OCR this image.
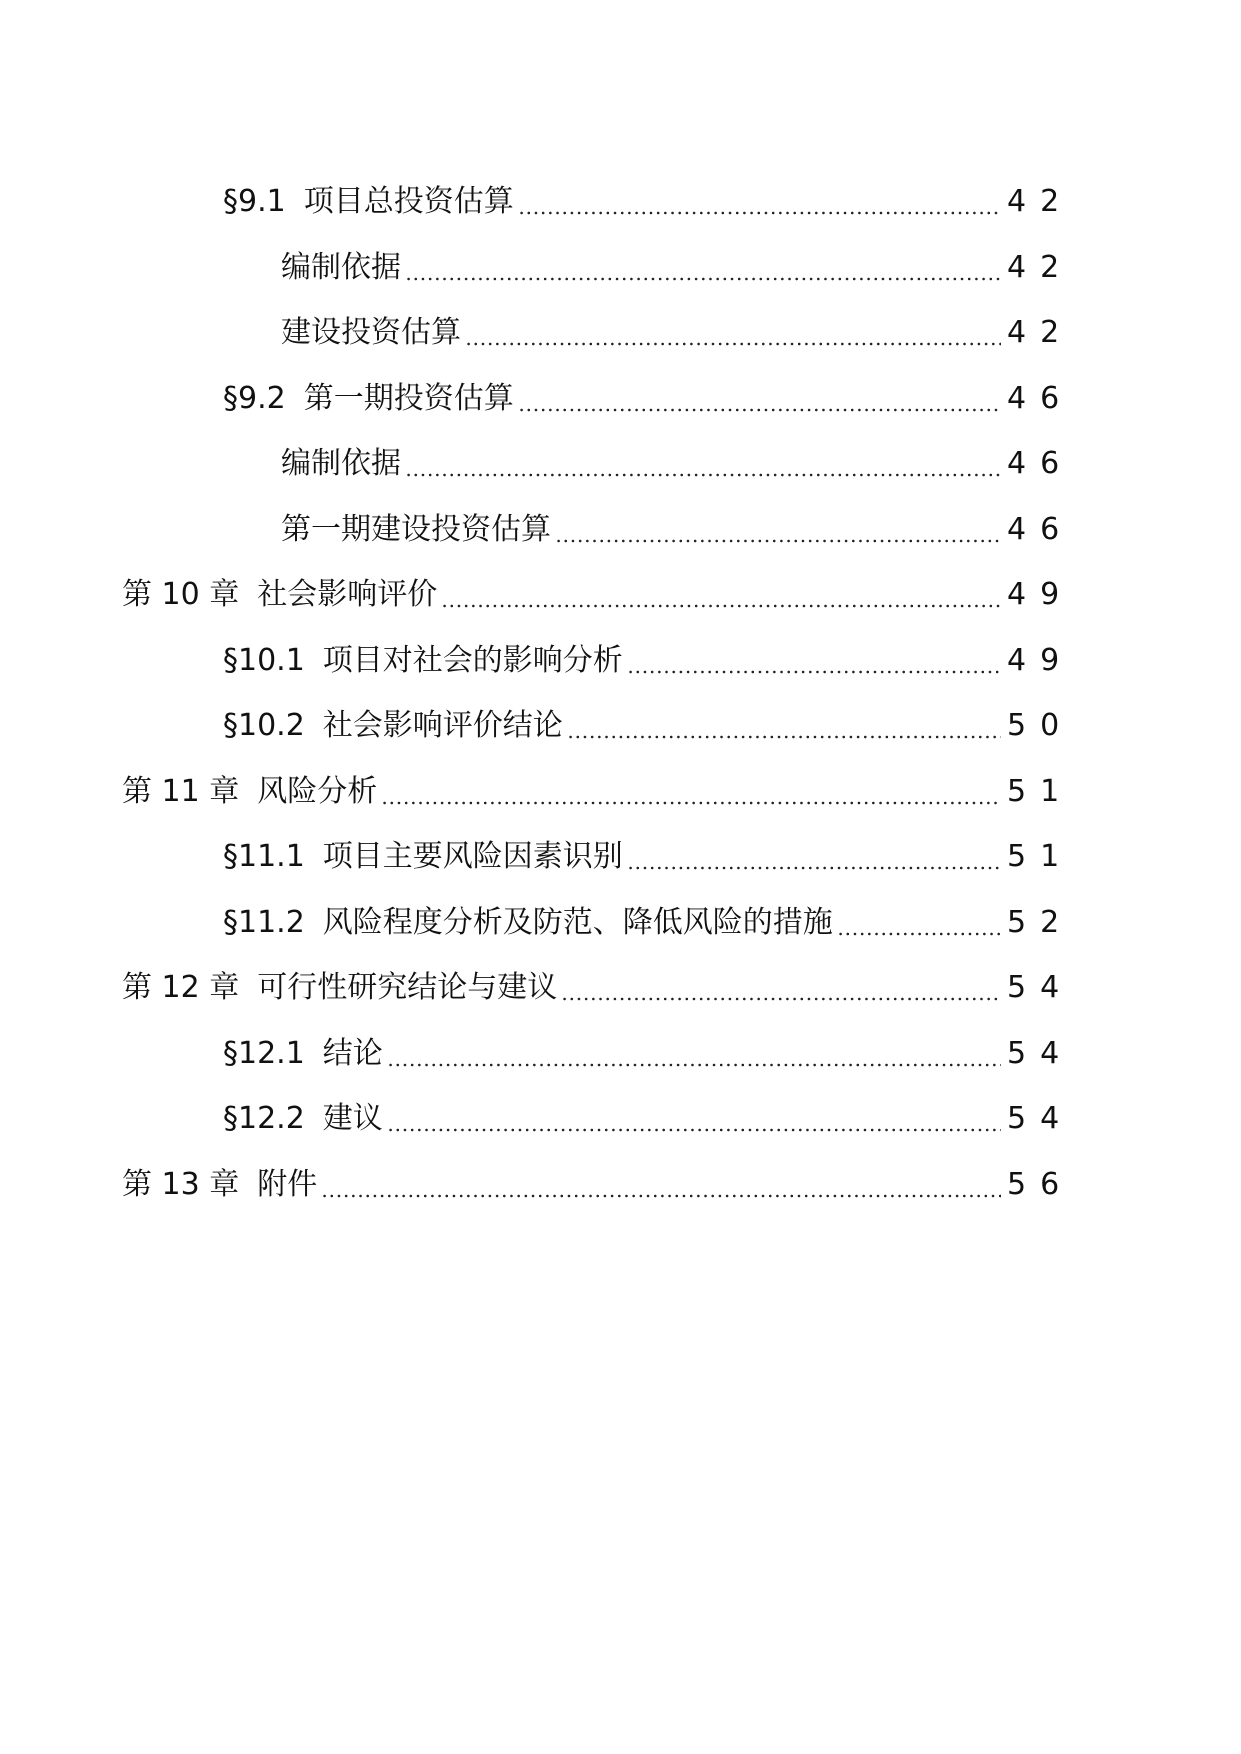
§9.1 项目总投资估算	42
编制依据	42
建设投资估算	42
§9.2 第一期投资估算	46
编制依据	46
第一期建设投资估算	46
第 10 章 社会影响评价	49
§10.1 项目对社会的影响分析	49
§10.2 社会影响评价结论	50
第 11 章 风险分析	51
§11.1 项目主要风险因素识别	51
§11.2 风险程度分析及防范、降低风险的措施	52
第 12 章 可行性研究结论与建议	54
§12.1 结论	54
§12.2 建议	54
第 13 章 附件	56
